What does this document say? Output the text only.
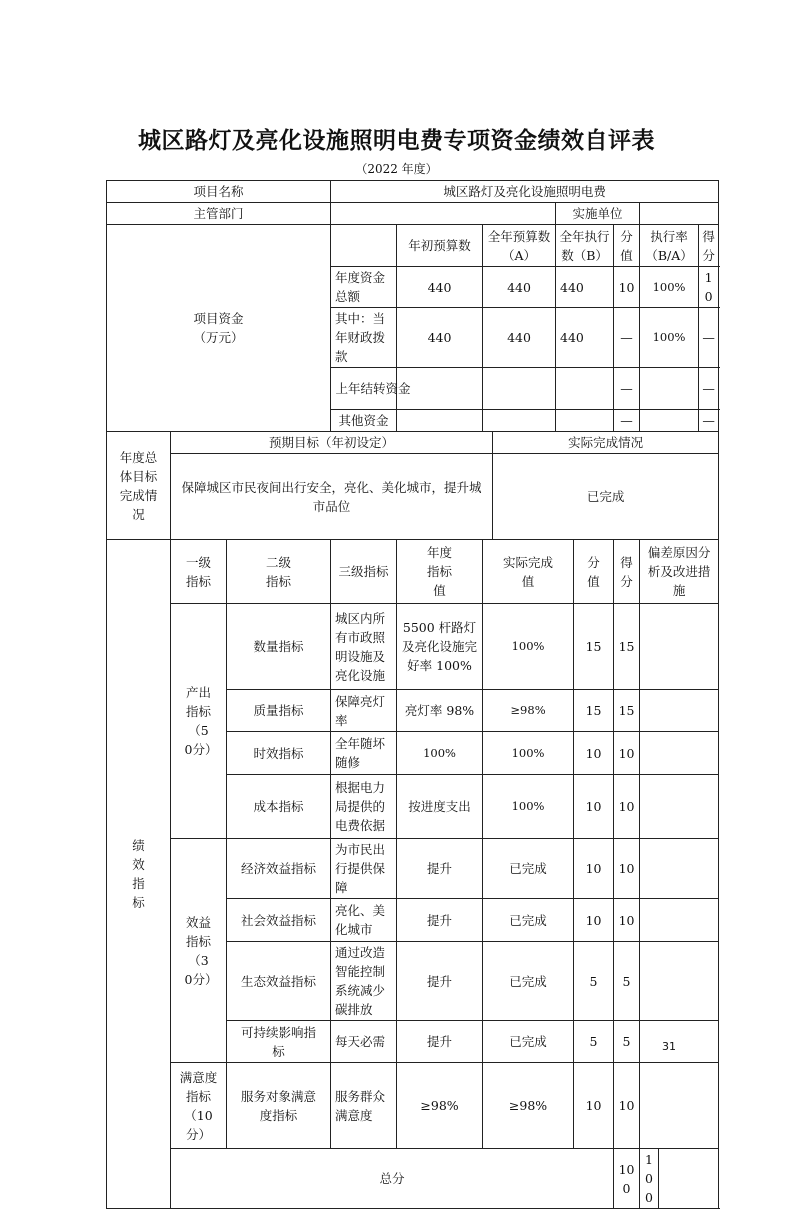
城区路灯及亮化设施照明电费专项资金绩效自评表
（2022 年度）
项目名称			城区路灯及亮化设施照明电费									
主管部门							实施单位					
项目资金
（万元）				年初预算数	全年预算数（A）		全年执行数（B）		分值	执行率（B/A）		得分
			年度资金总额	440	440		440		10	100%		10
			其中：当年财政拨款	440	440		440		—	100%		—

			上年结转资金						—			—
			其他资金						—			—

年度总体目标完成情况	预期目标（年初设定）					实际完成情况						
	保障城区市民夜间出行安全，亮化、美化城市，提升城市品位					已完成						

绩效指标	一级指标	二级指标	三级指标	年度指标值	实际完成值			分值	得分	偏差原因分析及改进措施		

	产出指标（50分）	数量指标	城区内所有市政照明设施及亮化设施	5500 杆路灯及亮化设施完好率 100%	100%			15	15			
		质量指标	保障亮灯率	亮灯率 98%	≥98%			15	15			
		时效指标	全年随坏随修	100%	100%			10	10			
		成本指标	根据电力局提供的电费依据	按进度支出	100%			10	10			

	效益指标（30分）	经济效益指标	为市民出行提供保障	提升	已完成			10	10			
		社会效益指标	亮化、美化城市	提升	已完成			10	10			
		生态效益指标	通过改造智能控制系统减少碳排放	提升	已完成			5	5			

		可持续影响指标	每天必需	提升	已完成			5	5			

	满意度指标（10分）	服务对象满意度指标	服务群众满意度	≥98%	≥98%			10	10			
	总分								100	100		
31
